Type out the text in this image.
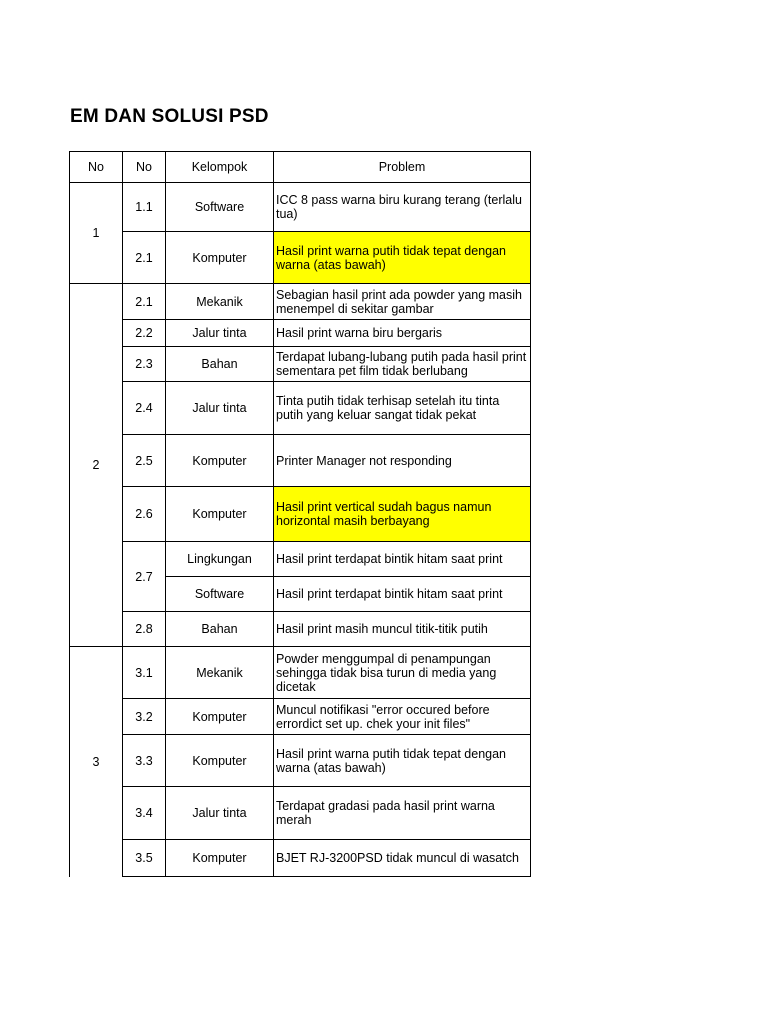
EM DAN SOLUSI PSD
No	No	Kelompok	Problem
1	1.1	Software	ICC 8 pass warna biru kurang terang (terlalu tua)
	2.1	Komputer	Hasil print warna putih tidak tepat dengan warna (atas bawah)
2	2.1	Mekanik	Sebagian hasil print ada powder yang masih menempel di sekitar gambar
	2.2	Jalur tinta	Hasil print warna biru bergaris
	2.3	Bahan	Terdapat lubang-lubang putih pada hasil print sementara pet film tidak berlubang
	2.4	Jalur tinta	Tinta putih tidak terhisap setelah itu tinta putih yang keluar sangat tidak pekat
	2.5	Komputer	Printer Manager not responding
	2.6	Komputer	Hasil print vertical sudah bagus namun horizontal masih berbayang
	2.7	Lingkungan	Hasil print terdapat bintik hitam saat print
		Software	Hasil print terdapat bintik hitam saat print
	2.8	Bahan	Hasil print masih muncul titik-titik putih
3	3.1	Mekanik	Powder menggumpal di penampungan sehingga tidak bisa turun di media yang dicetak
	3.2	Komputer	Muncul notifikasi "error occured before errordict set up. chek your init files"
	3.3	Komputer	Hasil print warna putih tidak tepat dengan warna (atas bawah)
	3.4	Jalur tinta	Terdapat gradasi pada hasil print warna merah
	3.5	Komputer	BJET RJ-3200PSD tidak muncul di wasatch
